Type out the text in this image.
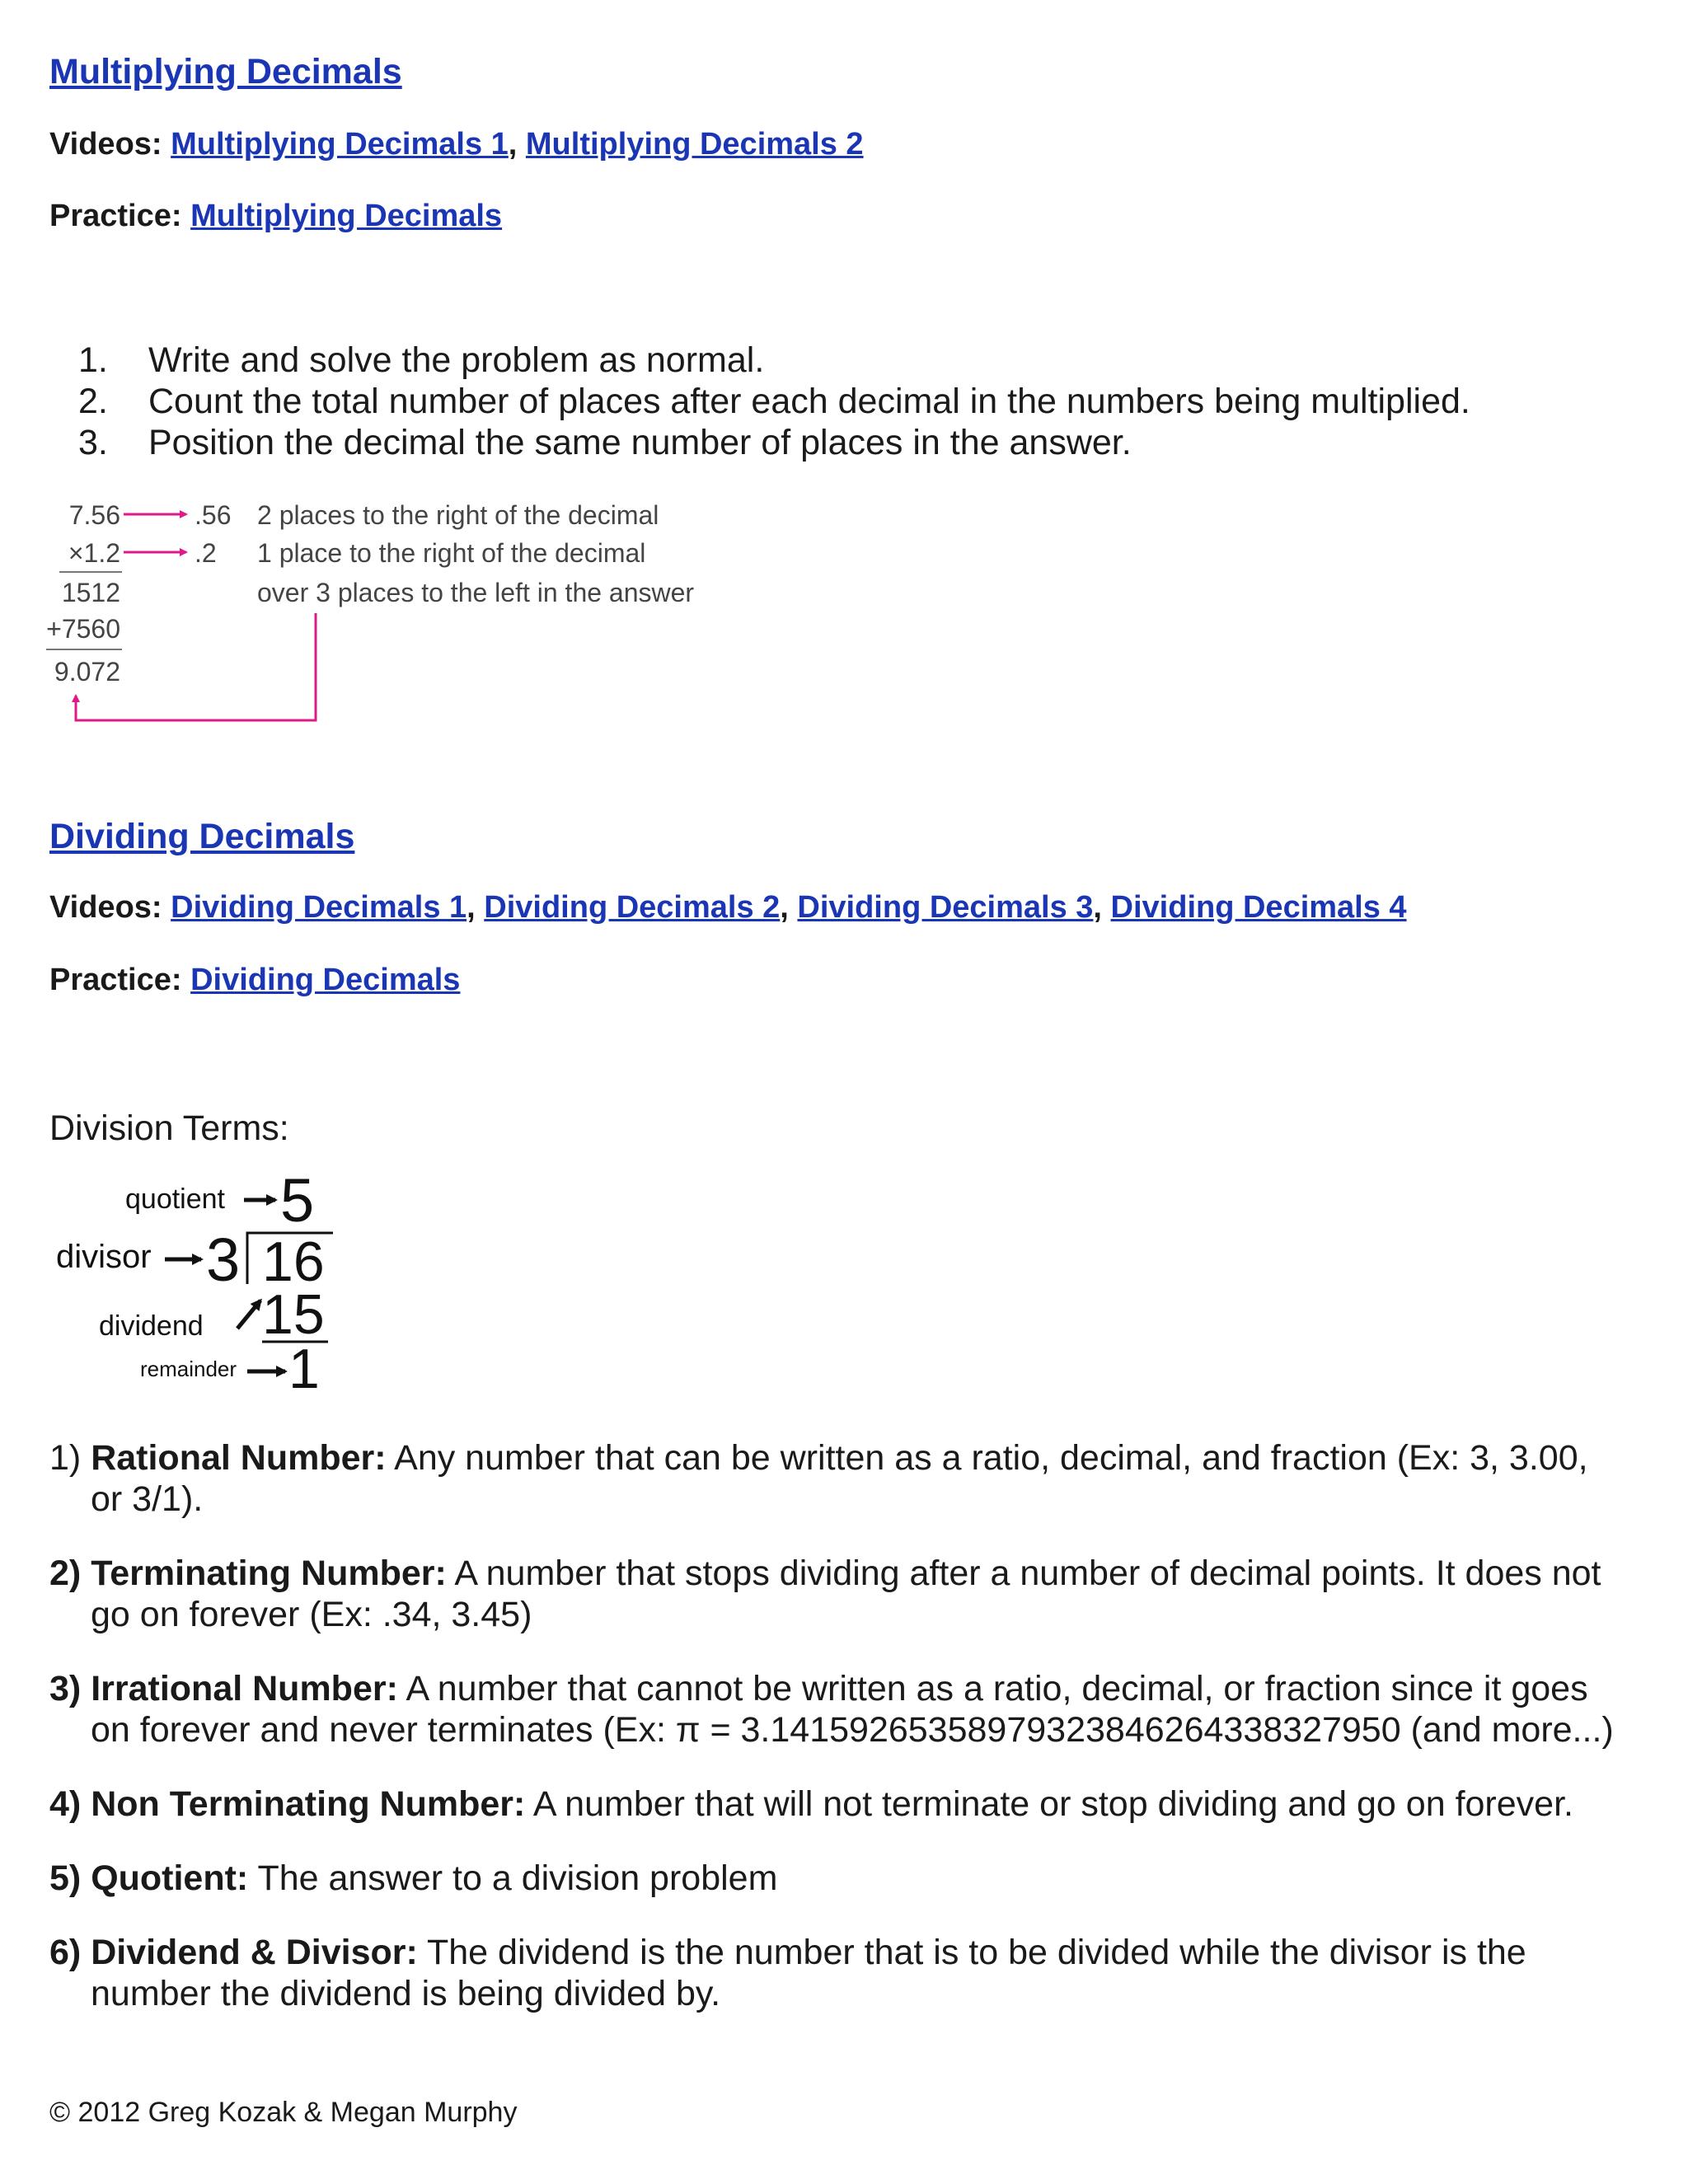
Multiplying Decimals
Videos: Multiplying Decimals 1, Multiplying Decimals 2
Practice: Multiplying Decimals
1. Write and solve the problem as normal.
2. Count the total number of places after each decimal in the numbers being multiplied.
3. Position the decimal the same number of places in the answer.
7.56
×1.2
1512
+7560
9.072
.56
.2
2 places to the right of the decimal
1 place to the right of the decimal
over 3 places to the left in the answer
Dividing Decimals
Videos: Dividing Decimals 1, Dividing Decimals 2, Dividing Decimals 3, Dividing Decimals 4
Practice: Dividing Decimals
Division Terms:
quotient 5
divisor 3 16
dividend 15
remainder 1
1) Rational Number: Any number that can be written as a ratio, decimal, and fraction (Ex: 3, 3.00,
or 3/1).
2) Terminating Number: A number that stops dividing after a number of decimal points. It does not
go on forever (Ex: .34, 3.45)
3) Irrational Number: A number that cannot be written as a ratio, decimal, or fraction since it goes
on forever and never terminates (Ex: π = 3.14159265358979323846264338327950 (and more...)
4) Non Terminating Number: A number that will not terminate or stop dividing and go on forever.
5) Quotient: The answer to a division problem
6) Dividend & Divisor: The dividend is the number that is to be divided while the divisor is the
number the dividend is being divided by.
© 2012 Greg Kozak & Megan Murphy
